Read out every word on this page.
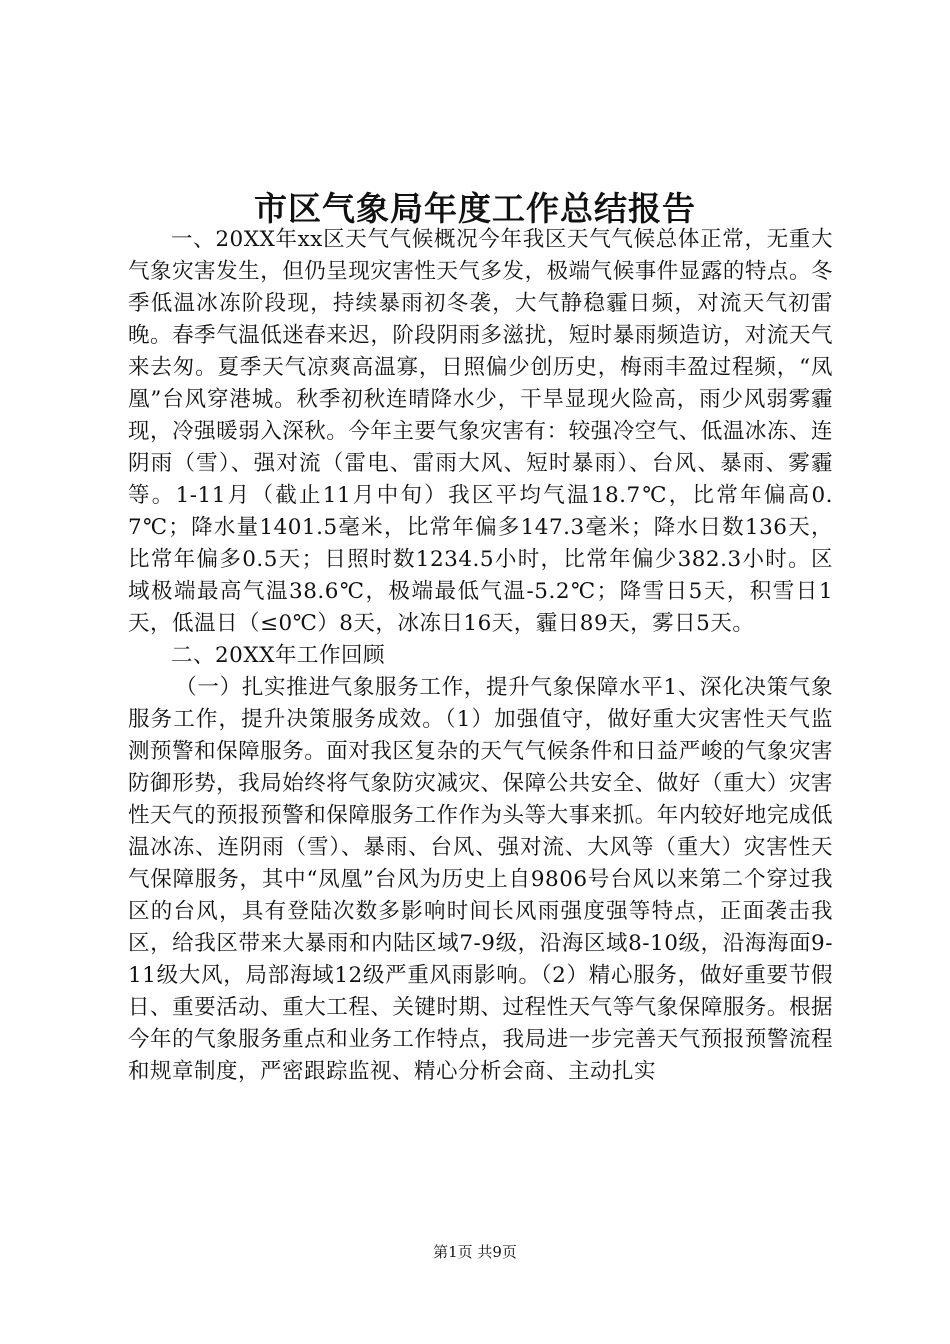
市区气象局年度工作总结报告

一、20XX年xx区天气气候概况今年我区天气气候总体正常，无重大气象灾害发生，但仍呈现灾害性天气多发，极端气候事件显露的特点。冬季低温冰冻阶段现，持续暴雨初冬袭，大气静稳霾日频，对流天气初雷晚。春季气温低迷春来迟，阶段阴雨多滋扰，短时暴雨频造访，对流天气来去匆。夏季天气凉爽高温寡，日照偏少创历史，梅雨丰盈过程频，“凤凰”台风穿港城。秋季初秋连晴降水少，干旱显现火险高，雨少风弱雾霾现，冷强暖弱入深秋。今年主要气象灾害有：较强冷空气、低温冰冻、连阴雨（雪）、强对流（雷电、雷雨大风、短时暴雨）、台风、暴雨、雾霾等。1-11月（截止11月中旬）我区平均气温18.7℃，比常年偏高0.7℃；降水量1401.5毫米，比常年偏多147.3毫米；降水日数136天，比常年偏多0.5天；日照时数1234.5小时，比常年偏少382.3小时。区域极端最高气温38.6℃，极端最低气温-5.2℃；降雪日5天，积雪日1天，低温日（≤0℃）8天，冰冻日16天，霾日89天，雾日5天。

二、20XX年工作回顾

（一）扎实推进气象服务工作，提升气象保障水平1、深化决策气象服务工作，提升决策服务成效。（1）加强值守，做好重大灾害性天气监测预警和保障服务。面对我区复杂的天气气候条件和日益严峻的气象灾害防御形势，我局始终将气象防灾减灾、保障公共安全、做好（重大）灾害性天气的预报预警和保障服务工作作为头等大事来抓。年内较好地完成低温冰冻、连阴雨（雪）、暴雨、台风、强对流、大风等（重大）灾害性天气保障服务，其中“凤凰”台风为历史上自9806号台风以来第二个穿过我区的台风，具有登陆次数多影响时间长风雨强度强等特点，正面袭击我区，给我区带来大暴雨和内陆区域7-9级，沿海区域8-10级，沿海海面9-11级大风，局部海域12级严重风雨影响。（2）精心服务，做好重要节假日、重要活动、重大工程、关键时期、过程性天气等气象保障服务。根据今年的气象服务重点和业务工作特点，我局进一步完善天气预报预警流程和规章制度，严密跟踪监视、精心分析会商、主动扎实

第1页 共9页
